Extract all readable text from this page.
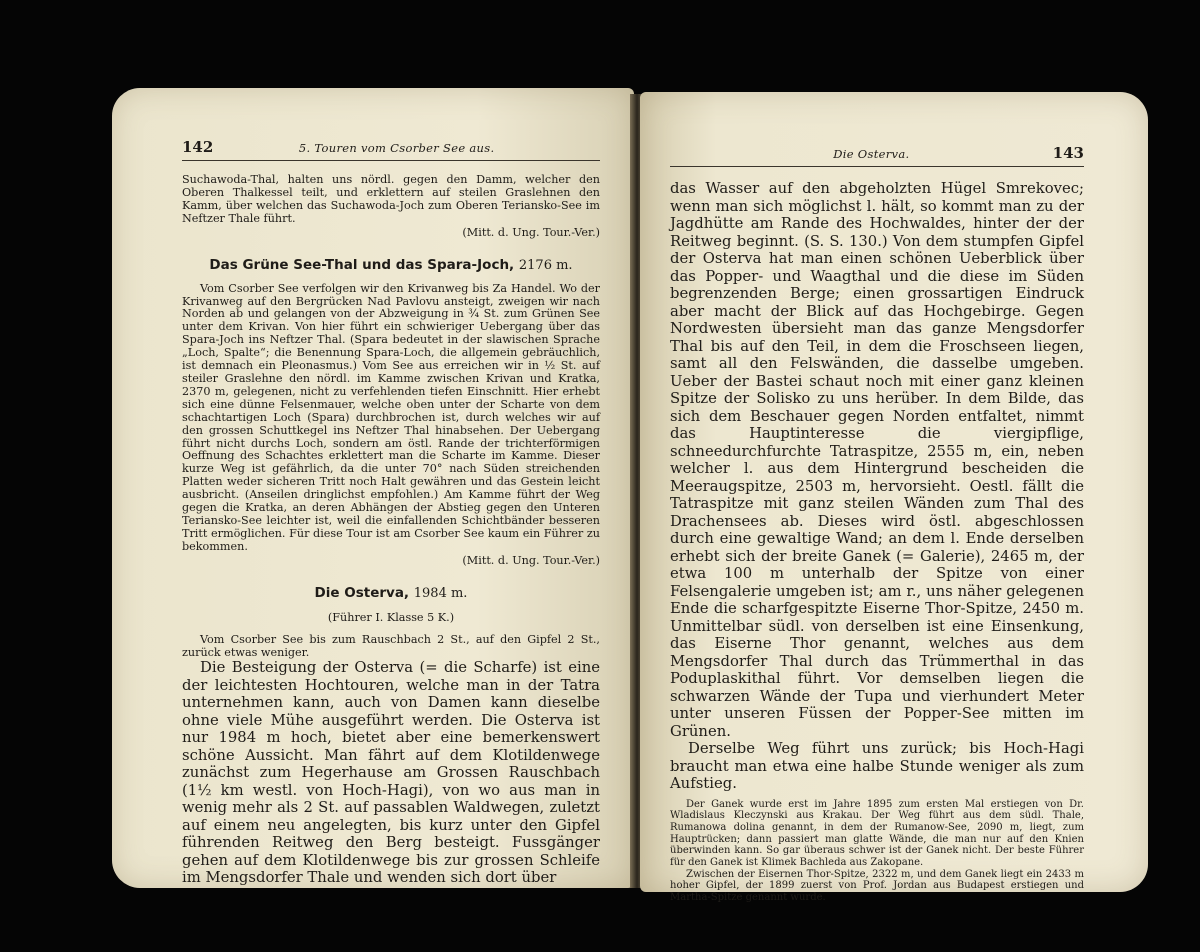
142	5. Touren vom Csorber See aus.

Suchawoda-Thal, halten uns nördl. gegen den Damm, welcher den Oberen Thalkessel teilt, und erklettern auf steilen Graslehnen den Kamm, über welchen das Suchawoda-Joch zum Oberen Teriansko-See im Neftzer Thale führt.

(Mitt. d. Ung. Tour.-Ver.)

Das Grüne See-Thal und das Spara-Joch, 2176 m.

Vom Csorber See verfolgen wir den Krivanweg bis Za Handel. Wo der Krivanweg auf den Bergrücken Nad Pavlovu ansteigt, zweigen wir nach Norden ab und gelangen von der Abzweigung in ¾ St. zum Grünen See unter dem Krivan. Von hier führt ein schwieriger Uebergang über das Spara-Joch ins Neftzer Thal. (Spara bedeutet in der slawischen Sprache „Loch, Spalte“; die Benennung Spara-Loch, die allgemein gebräuchlich, ist demnach ein Pleonasmus.) Vom See aus erreichen wir in ½ St. auf steiler Graslehne den nördl. im Kamme zwischen Krivan und Kratka, 2370 m, gelegenen, nicht zu verfehlenden tiefen Einschnitt. Hier erhebt sich eine dünne Felsenmauer, welche oben unter der Scharte von dem schachtartigen Loch (Spara) durchbrochen ist, durch welches wir auf den grossen Schuttkegel ins Neftzer Thal hinabsehen. Der Uebergang führt nicht durchs Loch, sondern am östl. Rande der trichterförmigen Oeffnung des Schachtes erklettert man die Scharte im Kamme. Dieser kurze Weg ist gefährlich, da die unter 70° nach Süden streichenden Platten weder sicheren Tritt noch Halt gewähren und das Gestein leicht ausbricht. (Anseilen dringlichst empfohlen.) Am Kamme führt der Weg gegen die Kratka, an deren Abhängen der Abstieg gegen den Unteren Teriansko-See leichter ist, weil die einfallenden Schichtbänder besseren Tritt ermöglichen. Für diese Tour ist am Csorber See kaum ein Führer zu bekommen.

(Mitt. d. Ung. Tour.-Ver.)

Die Osterva, 1984 m.

(Führer I. Klasse 5 K.)

Vom Csorber See bis zum Rauschbach 2 St., auf den Gipfel 2 St., zurück etwas weniger.

Die Besteigung der Osterva (= die Scharfe) ist eine der leichtesten Hochtouren, welche man in der Tatra unternehmen kann, auch von Damen kann dieselbe ohne viele Mühe ausgeführt werden. Die Osterva ist nur 1984 m hoch, bietet aber eine bemerkenswert schöne Aussicht. Man fährt auf dem Klotildenwege zunächst zum Hegerhause am Grossen Rauschbach (1½ km westl. von Hoch-Hagi), von wo aus man in wenig mehr als 2 St. auf passablen Waldwegen, zuletzt auf einem neu angelegten, bis kurz unter den Gipfel führenden Reitweg den Berg besteigt. Fussgänger gehen auf dem Klotildenwege bis zur grossen Schleife im Mengsdorfer Thale und wenden sich dort über

Die Osterva.	143

das Wasser auf den abgeholzten Hügel Smrekovec; wenn man sich möglichst l. hält, so kommt man zu der Jagdhütte am Rande des Hochwaldes, hinter der der Reitweg beginnt. (S. S. 130.) Von dem stumpfen Gipfel der Osterva hat man einen schönen Ueberblick über das Popper- und Waagthal und die diese im Süden begrenzenden Berge; einen grossartigen Eindruck aber macht der Blick auf das Hochgebirge. Gegen Nordwesten übersieht man das ganze Mengsdorfer Thal bis auf den Teil, in dem die Froschseen liegen, samt all den Felswänden, die dasselbe umgeben. Ueber der Bastei schaut noch mit einer ganz kleinen Spitze der Solisko zu uns herüber. In dem Bilde, das sich dem Beschauer gegen Norden entfaltet, nimmt das Hauptinteresse die viergipflige, schneedurchfurchte Tatraspitze, 2555 m, ein, neben welcher l. aus dem Hintergrund bescheiden die Meeraugspitze, 2503 m, hervorsieht. Oestl. fällt die Tatraspitze mit ganz steilen Wänden zum Thal des Drachensees ab. Dieses wird östl. abgeschlossen durch eine gewaltige Wand; an dem l. Ende derselben erhebt sich der breite Ganek (= Galerie), 2465 m, der etwa 100 m unterhalb der Spitze von einer Felsengalerie umgeben ist; am r., uns näher gelegenen Ende die scharfgespitzte Eiserne Thor-Spitze, 2450 m. Unmittelbar südl. von derselben ist eine Einsenkung, das Eiserne Thor genannt, welches aus dem Mengsdorfer Thal durch das Trümmerthal in das Poduplaskithal führt. Vor demselben liegen die schwarzen Wände der Tupa und vierhundert Meter unter unseren Füssen der Popper-See mitten im Grünen.

Derselbe Weg führt uns zurück; bis Hoch-Hagi braucht man etwa eine halbe Stunde weniger als zum Aufstieg.

Der Ganek wurde erst im Jahre 1895 zum ersten Mal erstiegen von Dr. Wladislaus Kleczynski aus Krakau. Der Weg führt aus dem südl. Thale, Rumanowa dolina genannt, in dem der Rumanow-See, 2090 m, liegt, zum Hauptrücken; dann passiert man glatte Wände, die man nur auf den Knien überwinden kann. So gar überaus schwer ist der Ganek nicht. Der beste Führer für den Ganek ist Klimek Bachleda aus Zakopane.

Zwischen der Eisernen Thor-Spitze, 2322 m, und dem Ganek liegt ein 2433 m hoher Gipfel, der 1899 zuerst von Prof. Jordan aus Budapest erstiegen und Martha-Spitze genannt wurde.
